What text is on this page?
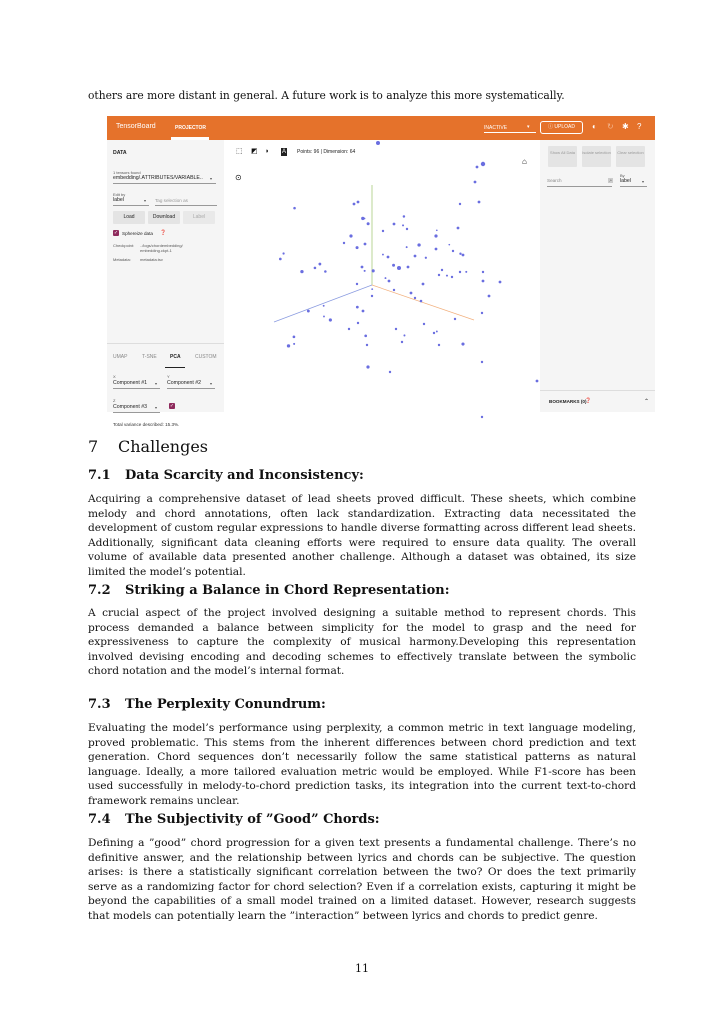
others are more distant in general. A future work is to analyze this more systematically.

TensorBoard	PROJECTOR	INACTIVE	▾	ⓘ UPLOAD	◐ ↻ ✱ ?
DATA
1 tensors found
embedding/.ATTRIBUTES/VARIABLE.. ▾
Edit by
label	▾ Tag selection as
Load	Download	Label
✓ Sphereize data ❓
Checkpoint: ../logs/chordembedding/
embedding.ckpt-1
Metadata: metadata.tsv
UMAP	T-SNE	PCA	CUSTOM
X
Component #1 ▾
Y
Component #2 ▾
Z
Component #3 ▾	✓
Total variance described: 15.3%.
⬚ ◩ ◗ A Points: 96 | Dimension: 64
⊙
⌂
Show All Data	Isolate selection	Clear selection
Search	.*
By
label	▾
BOOKMARKS (0)
❓	⌃
7 Challenges
7.1 Data Scarcity and Inconsistency:

Acquiring a comprehensive dataset of lead sheets proved difficult. These sheets, which combine melody and chord annotations, often lack standardization. Extracting data necessitated the development of custom regular expressions to handle diverse formatting across different lead sheets. Additionally, significant data cleaning efforts were required to ensure data quality. The overall volume of available data presented another challenge. Although a dataset was obtained, its size limited the model’s potential.

7.2 Striking a Balance in Chord Representation:

A crucial aspect of the project involved designing a suitable method to represent chords. This process demanded a balance between simplicity for the model to grasp and the need for expressiveness to capture the complexity of musical harmony.Developing this representation involved devising encoding and decoding schemes to effectively translate between the symbolic chord notation and the model’s internal format.

7.3 The Perplexity Conundrum:

Evaluating the model’s performance using perplexity, a common metric in text language modeling, proved problematic. This stems from the inherent differences between chord prediction and text generation. Chord sequences don’t necessarily follow the same statistical patterns as natural language. Ideally, a more tailored evaluation metric would be employed. While F1-score has been used successfully in melody-to-chord prediction tasks, its integration into the current text-to-chord framework remains unclear.

7.4 The Subjectivity of ”Good” Chords:

Defining a ”good” chord progression for a given text presents a fundamental challenge. There’s no definitive answer, and the relationship between lyrics and chords can be subjective. The question arises: is there a statistically significant correlation between the two? Or does the text primarily serve as a randomizing factor for chord selection? Even if a correlation exists, capturing it might be beyond the capabilities of a small model trained on a limited dataset. However, research suggests that models can potentially learn the ”interaction” between lyrics and chords to predict genre.

11
